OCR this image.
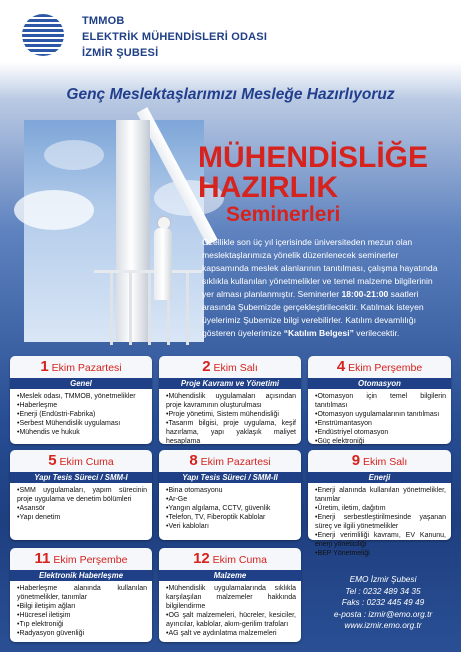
TMMOB
ELEKTRİK MÜHENDİSLERİ ODASI
İZMİR ŞUBESİ
Genç Meslektaşlarımızı Mesleğe Hazırlıyoruz
MÜHENDİSLİĞE
HAZIRLIK
Seminerleri
Özellikle son üç yıl içerisinde üniversiteden mezun olan meslektaşlarımıza yönelik düzenlenecek seminerler kapsamında meslek alanlarının tanıtılması, çalışma hayatında sıklıkla kullanılan yönetmelikler ve temel malzeme bilgilerinin yer alması planlanmıştır. Seminerler 18:00-21:00 saatleri arasında Şubemizde gerçekleştirilecektir. Katılmak isteyen üyelerimiz Şubemize bilgi verebilirler. Katılım devamlılığı gösteren üyelerimize “Katılım Belgesi” verilecektir.
1 Ekim Pazartesi
Genel
•Meslek odası, TMMOB, yönetmelikler
•Haberleşme
•Enerji (Endüstri-Fabrika)
•Serbest Mühendislik uygulaması
•Mühendis ve hukuk
2 Ekim Salı
Proje Kavramı ve Yönetimi
•Mühendislik uygulamaları açısından proje kavramının oluşturulması
•Proje yönetimi, Sistem mühendisliği
•Tasarım bilgisi, proje uygulama, keşif hazırlama, yapı yaklaşık maliyet hesaplama
4 Ekim Perşembe
Otomasyon
•Otomasyon için temel bilgilerin tanıtılması
•Otomasyon uygulamalarının tanıtılması
•Enstrümantasyon
•Endüstriyel otomasyon
•Güç elektroniği
5 Ekim Cuma
Yapı Tesis Süreci / SMM-I
•SMM uygulamaları, yapım sürecinin proje uygulama ve denetim bölümleri
•Asansör
•Yapı denetim
8 Ekim Pazartesi
Yapı Tesis Süreci / SMM-II
•Bina otomasyonu
•Ar-Ge
•Yangın algılama, CCTV, güvenlik
•Telefon, TV, Fiberoptik Kablolar
•Veri kabloları
9 Ekim Salı
Enerji
•Enerji alanında kullanılan yönetmelikler, tanımlar
•Üretim, iletim, dağıtım
•Enerji serbestleştirilmesinde yaşanan süreç ve ilgili yönetmelikler
•Enerji verimliliği kavramı, EV Kanunu, enerji yöneticiliği
•BEP Yönetmeliği
11 Ekim Perşembe
Elektronik Haberleşme
•Haberleşme alanında kullanılan yönetmelikler, tanımlar
•Bilgi iletişim ağları
•Hücresel iletişim
•Tıp elektroniği
•Radyasyon güvenliği
12 Ekim Cuma
Malzeme
•Mühendislik uygulamalarında sıklıkla karşılaşılan malzemeler hakkında bilgilendirme
•OG şalt malzemeleri, hücreler, kesiciler, ayırıcılar, kablolar, akım-gerilim trafoları
•AG şalt ve aydınlatma malzemeleri
EMO İzmir Şubesi
Tel : 0232 489 34 35
Faks : 0232 445 49 49
e-posta : izmir@emo.org.tr
www.izmir.emo.org.tr
